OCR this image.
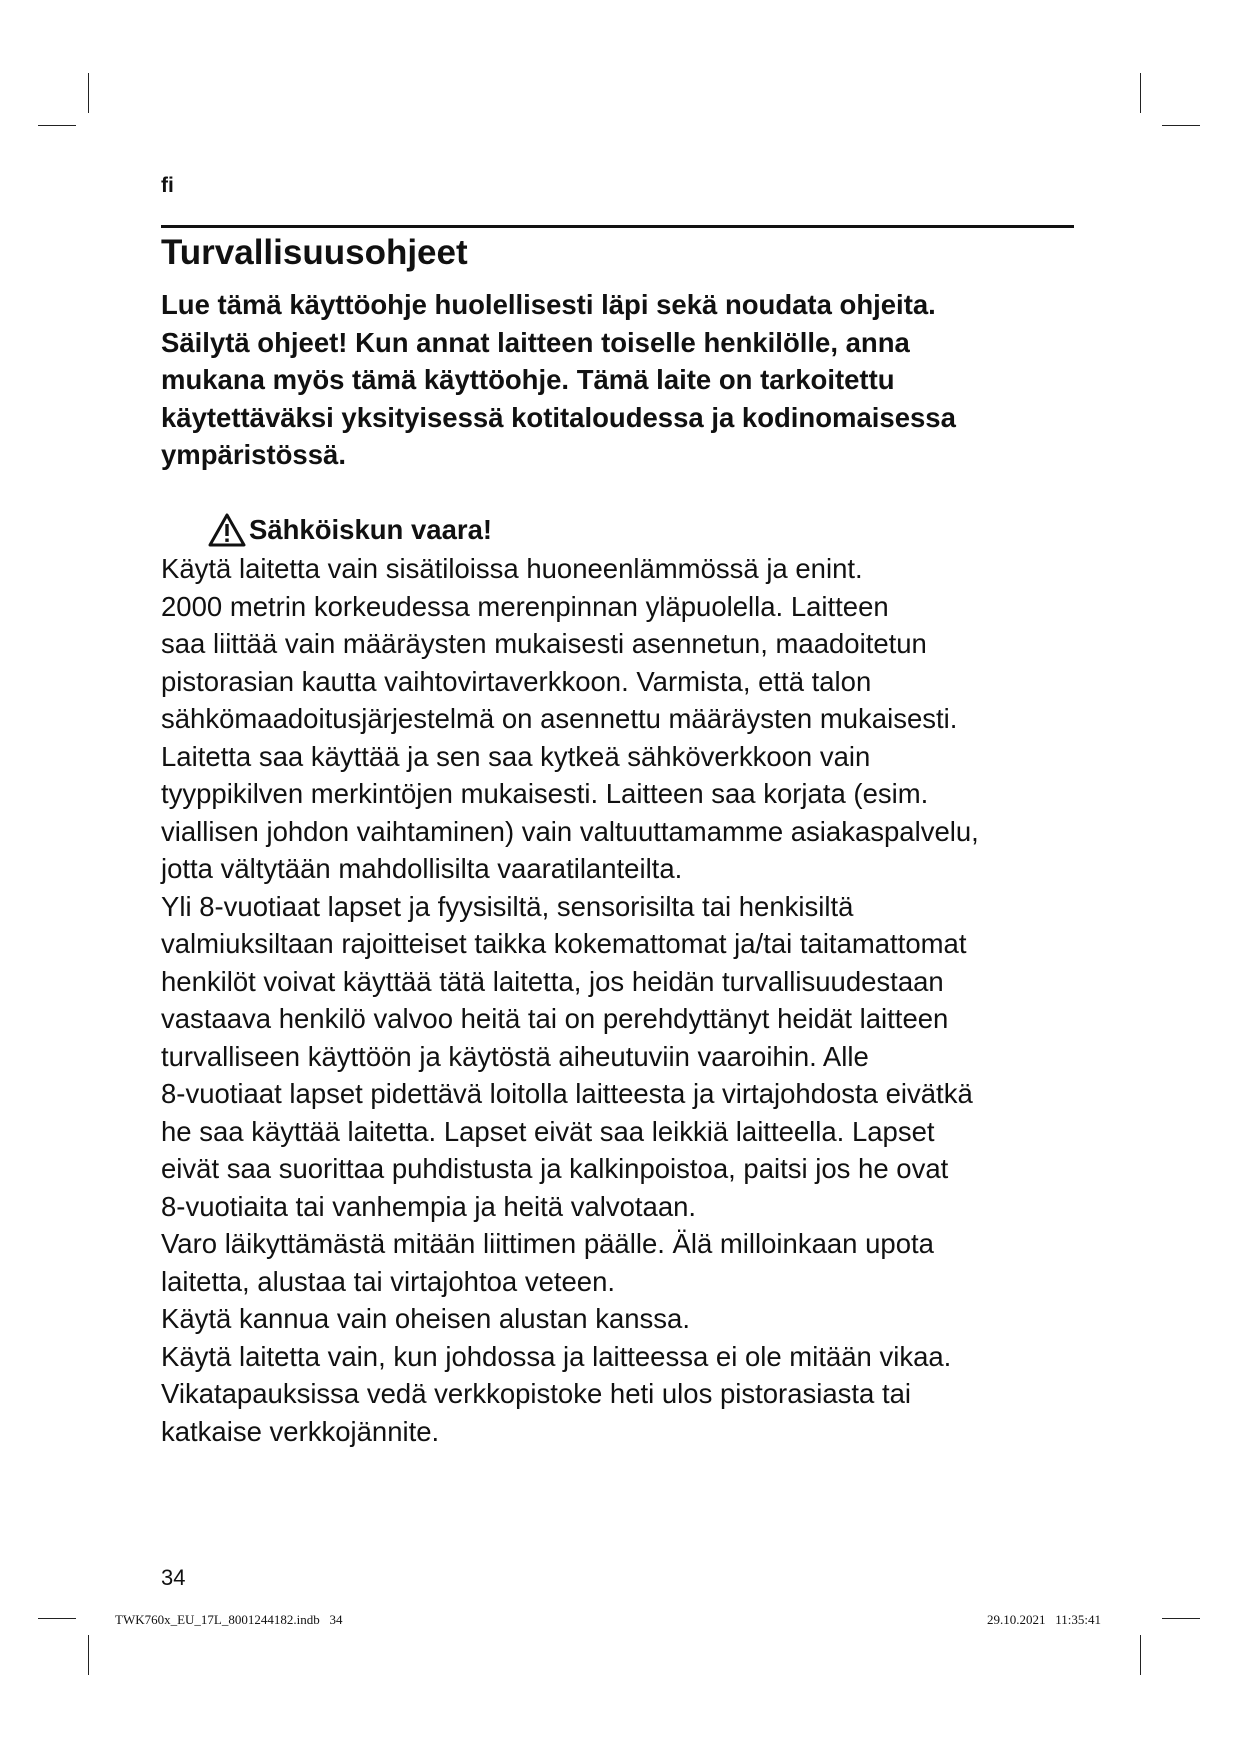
fi
Turvallisuusohjeet

Lue tämä käyttöohje huolellisesti läpi sekä noudata ohjeita.
Säilytä ohjeet! Kun annat laitteen toiselle henkilölle, anna
mukana myös tämä käyttöohje. Tämä laite on tarkoitettu
käytettäväksi yksityisessä kotitaloudessa ja kodinomaisessa
ympäristössä.

Sähköiskun vaara!

Käytä laitetta vain sisätiloissa huoneenlämmössä ja enint.
2000 metrin korkeudessa merenpinnan yläpuolella. Laitteen
saa liittää vain määräysten mukaisesti asennetun, maadoitetun
pistorasian kautta vaihtovirtaverkkoon. Varmista, että talon
sähkömaadoitusjärjestelmä on asennettu määräysten mukaisesti.
Laitetta saa käyttää ja sen saa kytkeä sähköverkkoon vain
tyyppikilven merkintöjen mukaisesti. Laitteen saa korjata (esim.
viallisen johdon vaihtaminen) vain valtuuttamamme asiakaspalvelu,
jotta vältytään mahdollisilta vaaratilanteilta.
Yli 8-vuotiaat lapset ja fyysisiltä, sensorisilta tai henkisiltä
valmiuksiltaan rajoitteiset taikka kokemattomat ja/tai taitamattomat
henkilöt voivat käyttää tätä laitetta, jos heidän turvallisuudestaan
vastaava henkilö valvoo heitä tai on perehdyttänyt heidät laitteen
turvalliseen käyttöön ja käytöstä aiheutuviin vaaroihin. Alle
8-vuotiaat lapset pidettävä loitolla laitteesta ja virtajohdosta eivätkä
he saa käyttää laitetta. Lapset eivät saa leikkiä laitteella. Lapset
eivät saa suorittaa puhdistusta ja kalkinpoistoa, paitsi jos he ovat
8-vuotiaita tai vanhempia ja heitä valvotaan.
Varo läikyttämästä mitään liittimen päälle. Älä milloinkaan upota
laitetta, alustaa tai virtajohtoa veteen.
Käytä kannua vain oheisen alustan kanssa.
Käytä laitetta vain, kun johdossa ja laitteessa ei ole mitään vikaa.
Vikatapauksissa vedä verkkopistoke heti ulos pistorasiasta tai
katkaise verkkojännite.

34
TWK760x_EU_17L_8001244182.indb   34	29.10.2021   11:35:41
